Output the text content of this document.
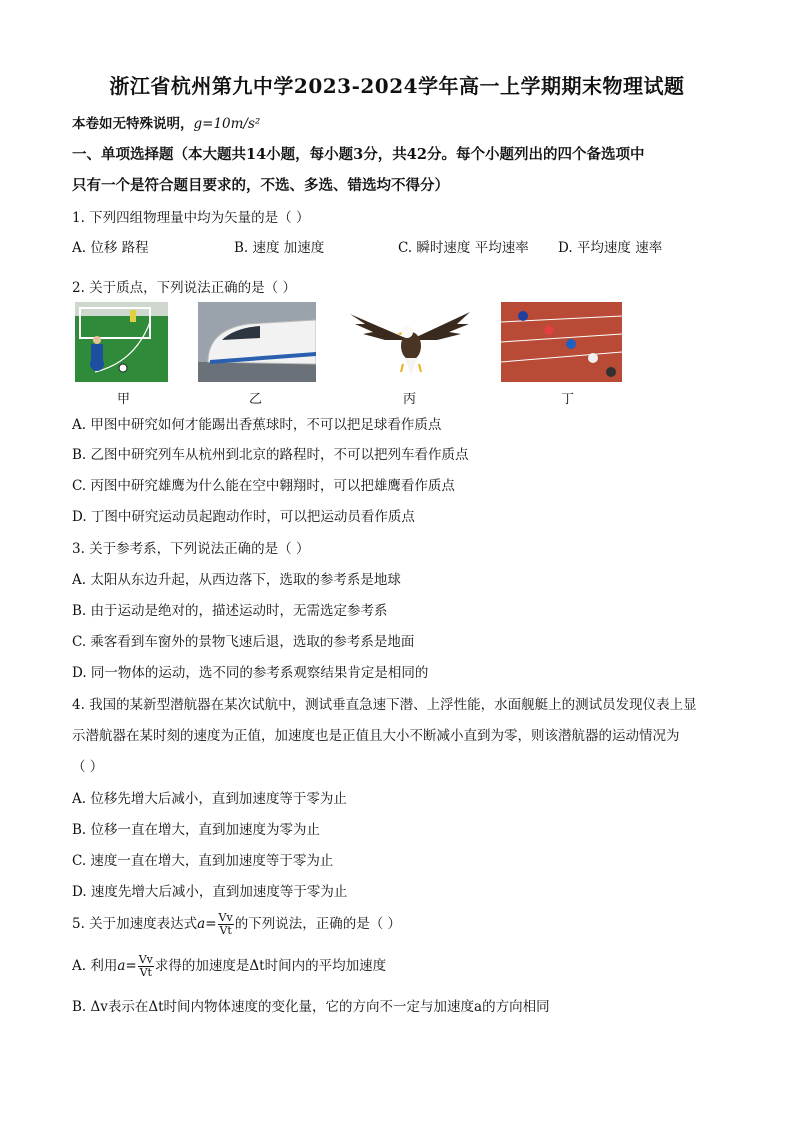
浙江省杭州第九中学2023-2024学年高一上学期期末物理试题
本卷如无特殊说明，g=10m/s²
一、单项选择题（本大题共14小题，每小题3分，共42分。每个小题列出的四个备选项中
只有一个是符合题目要求的，不选、多选、错选均不得分）
1. 下列四组物理量中均为矢量的是（ ）
A. 位移 路程	B. 速度 加速度	C. 瞬时速度 平均速率 D. 平均速度 速率
2. 关于质点，下列说法正确的是（ ）
甲	乙	丙	丁
A. 甲图中研究如何才能踢出香蕉球时，不可以把足球看作质点
B. 乙图中研究列车从杭州到北京的路程时，不可以把列车看作质点
C. 丙图中研究雄鹰为什么能在空中翱翔时，可以把雄鹰看作质点
D. 丁图中研究运动员起跑动作时，可以把运动员看作质点
3. 关于参考系，下列说法正确的是（ ）
A. 太阳从东边升起，从西边落下，选取的参考系是地球
B. 由于运动是绝对的，描述运动时，无需选定参考系
C. 乘客看到车窗外的景物飞速后退，选取的参考系是地面
D. 同一物体的运动，选不同的参考系观察结果肯定是相同的
4. 我国的某新型潜航器在某次试航中，测试垂直急速下潜、上浮性能，水面舰艇上的测试员发现仪表上显
示潜航器在某时刻的速度为正值，加速度也是正值且大小不断减小直到为零，则该潜航器的运动情况为
（ ）
A. 位移先增大后减小，直到加速度等于零为止
B. 位移一直在增大，直到加速度为零为止
C. 速度一直在增大，直到加速度等于零为止
D. 速度先增大后减小，直到加速度等于零为止
5. 关于加速度表达式$a= \frac{Vv}{Vt}$ 的下列说法，正确的是（ ）
A. 利用$a= \frac{Vv}{Vt}$ 求得的加速度是Δt时间内的平均加速度
B. Δv表示在Δt时间内物体速度的变化量，它的方向不一定与加速度a的方向相同
